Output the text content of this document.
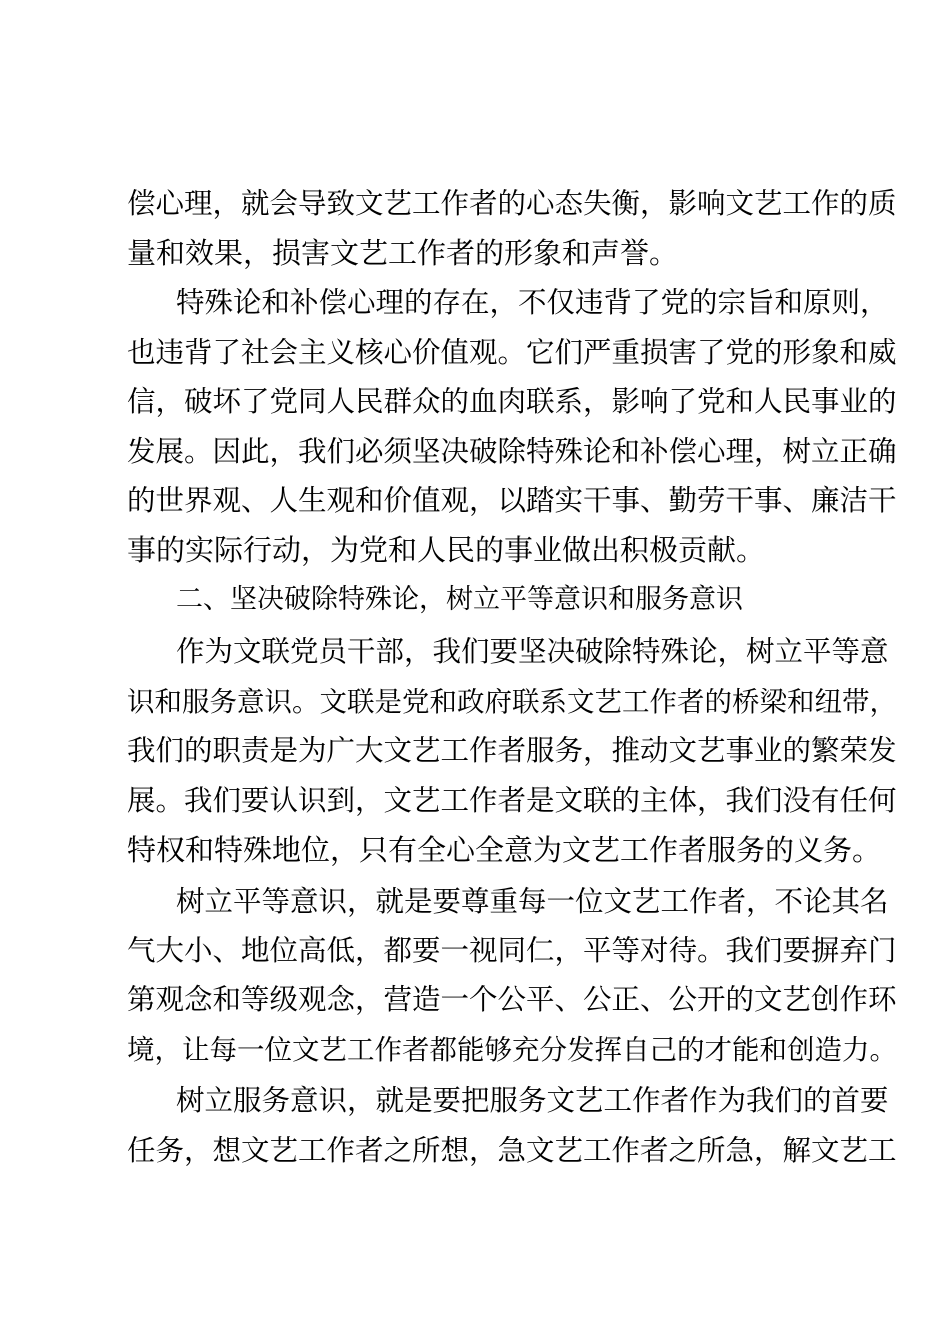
偿心理，就会导致文艺工作者的心态失衡，影响文艺工作的质
量和效果，损害文艺工作者的形象和声誉。
特殊论和补偿心理的存在，不仅违背了党的宗旨和原则，
也违背了社会主义核心价值观。它们严重损害了党的形象和威
信，破坏了党同人民群众的血肉联系，影响了党和人民事业的
发展。因此，我们必须坚决破除特殊论和补偿心理，树立正确
的世界观、人生观和价值观，以踏实干事、勤劳干事、廉洁干
事的实际行动，为党和人民的事业做出积极贡献。
二、坚决破除特殊论，树立平等意识和服务意识
作为文联党员干部，我们要坚决破除特殊论，树立平等意
识和服务意识。文联是党和政府联系文艺工作者的桥梁和纽带，
我们的职责是为广大文艺工作者服务，推动文艺事业的繁荣发
展。我们要认识到，文艺工作者是文联的主体，我们没有任何
特权和特殊地位，只有全心全意为文艺工作者服务的义务。
树立平等意识，就是要尊重每一位文艺工作者，不论其名
气大小、地位高低，都要一视同仁，平等对待。我们要摒弃门
第观念和等级观念，营造一个公平、公正、公开的文艺创作环
境，让每一位文艺工作者都能够充分发挥自己的才能和创造力。
树立服务意识，就是要把服务文艺工作者作为我们的首要
任务，想文艺工作者之所想，急文艺工作者之所急，解文艺工
